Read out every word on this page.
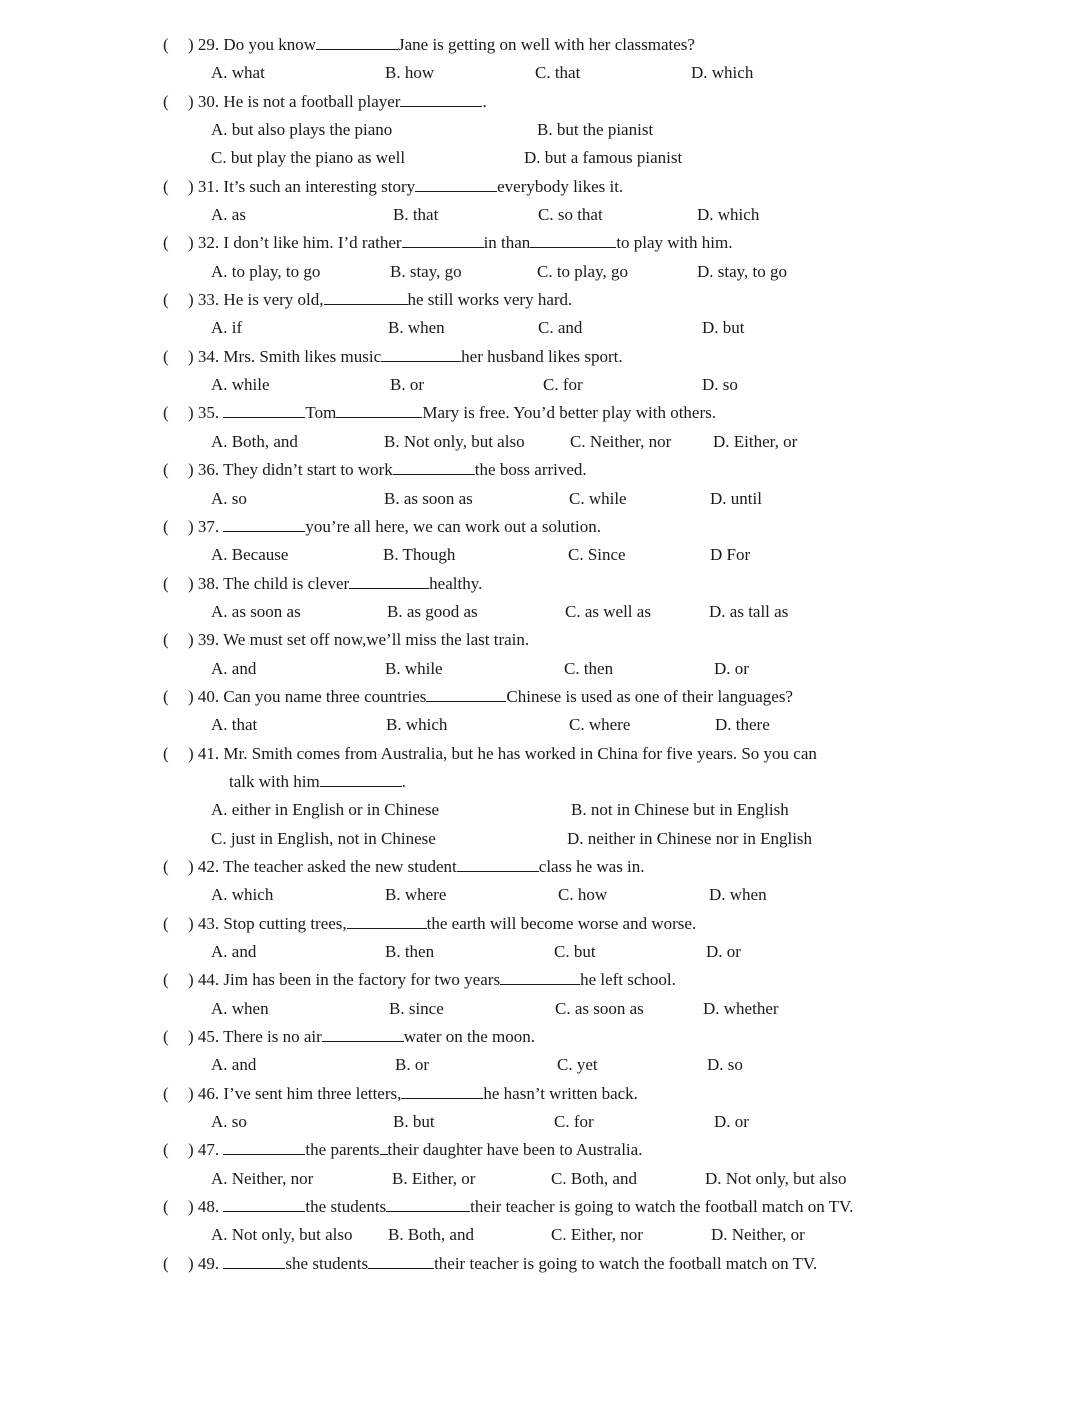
( ) 29. Do you know	Jane is getting on well with her classmates?
A. what	B. how	C. that	D. which
( ) 30. He is not a football player	.
A. but also plays the piano	B. but the pianist
C. but play the piano as well	D. but a famous pianist
( ) 31. It’s such an interesting story	everybody likes it.
A. as	B. that	C. so that	D. which
( ) 32. I don’t like him. I’d rather	in than	to play with him.
A. to play, to go	B. stay, go	C. to play, go	D. stay, to go
( ) 33. He is very old,	he still works very hard.
A. if	B. when	C. and	D. but
( ) 34. Mrs. Smith likes music	her husband likes sport.
A. while	B. or	C. for	D. so
( ) 35.	Tom	Mary is free. You’d better play with others.
A. Both, and	B. Not only, but also	C. Neither, nor D. Either, or
( ) 36. They didn’t start to work	the boss arrived.
A. so	B. as soon as	C. while	D. until
( ) 37.	you’re all here, we can work out a solution.
A. Because	B. Though	C. Since	D For
( ) 38. The child is clever	healthy.
A. as soon as	B. as good as	C. as well as	D. as tall as
( ) 39. We must set off now,we’ll miss the last train.
A. and	B. while	C. then	D. or
( ) 40. Can you name three countries	Chinese is used as one of their languages?
A. that	B. which	C. where	D. there
( ) 41. Mr. Smith comes from Australia, but he has worked in China for five years. So you can
talk with him	.
A. either in English or in Chinese	B. not in Chinese but in English
C. just in English, not in Chinese	D. neither in Chinese nor in English
( ) 42. The teacher asked the new student	class he was in.
A. which	B. where	C. how	D. when
( ) 43. Stop cutting trees,	the earth will become worse and worse.
A. and	B. then	C. but	D. or
( ) 44. Jim has been in the factory for two years	he left school.
A. when	B. since	C. as soon as	D. whether
( ) 45. There is no air	water on the moon.
A. and	B. or	C. yet	D. so
( ) 46. I’ve sent him three letters,	he hasn’t written back.
A. so	B. but	C. for	D. or
( ) 47.	the parents their daughter have been to Australia.
A. Neither, nor	B. Either, or	C. Both, and	D. Not only, but also
( ) 48.	the students	their teacher is going to watch the football match on TV.
A. Not only, but also B. Both, and	C. Either, nor	D. Neither, or
( ) 49.	she students	their teacher is going to watch the football match on TV.
